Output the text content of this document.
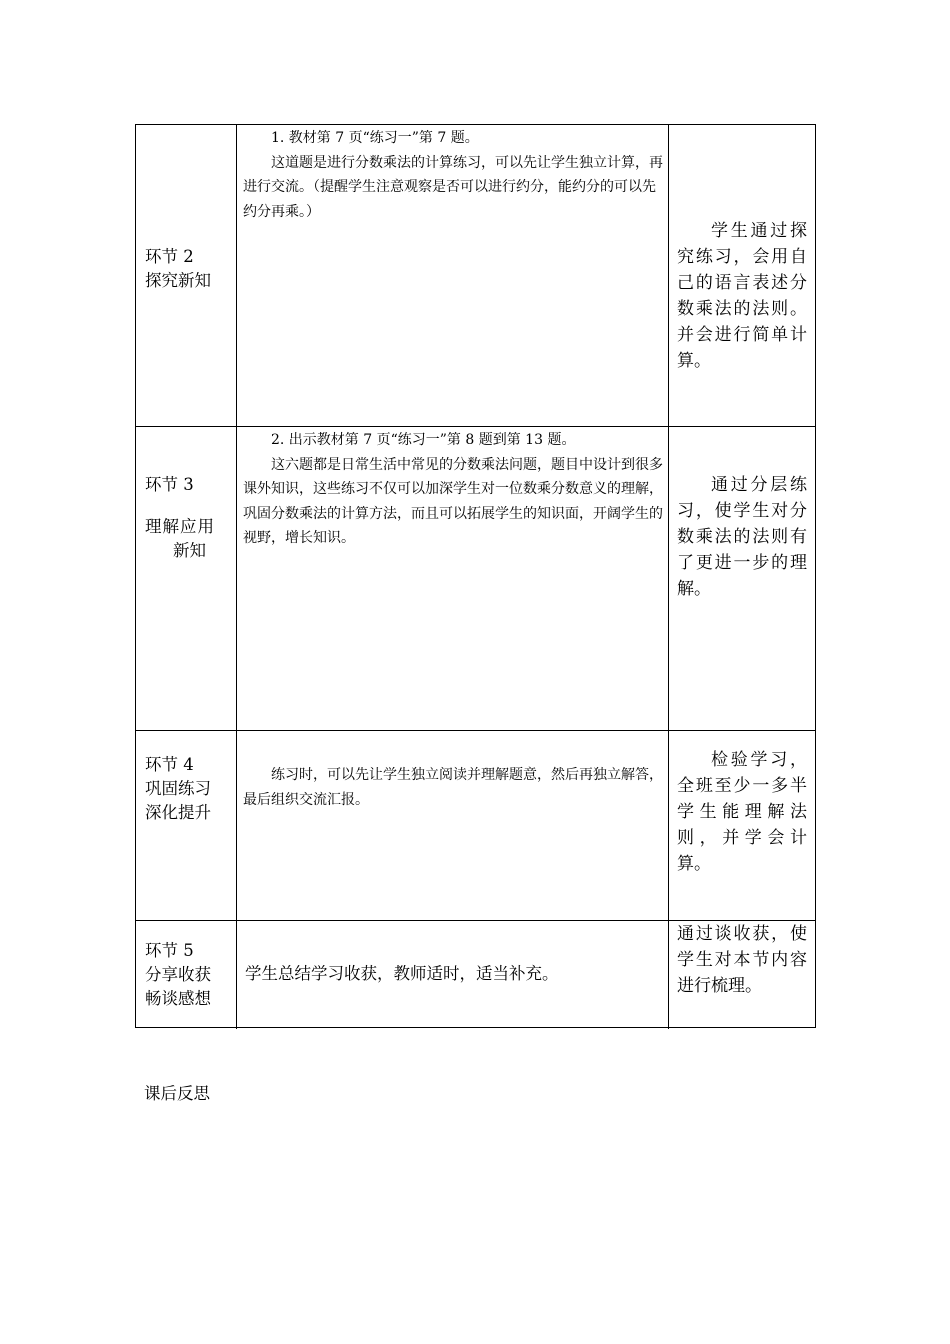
环节 2
探究新知

1. 教材第 7 页“练习一”第 7 题。

这道题是进行分数乘法的计算练习，可以先让学生独立计算，再进行交流。（提醒学生注意观察是否可以进行约分，能约分的可以先约分再乘。）

学生通过探究练习，会用自己的语言表述分数乘法的法则。并会进行简单计算。
环节 3
理解应用
新知

2. 出示教材第 7 页“练习一”第 8 题到第 13 题。

这六题都是日常生活中常见的分数乘法问题，题目中设计到很多课外知识，这些练习不仅可以加深学生对一位数乘分数意义的理解，巩固分数乘法的计算方法，而且可以拓展学生的知识面，开阔学生的视野，增长知识。

通过分层练习，使学生对分数乘法的法则有了更进一步的理解。
环节 4
巩固练习
深化提升

练习时，可以先让学生独立阅读并理解题意，然后再独立解答，最后组织交流汇报。

检验学习，全班至少一多半学生能理解法则，并学会计算。
环节 5
分享收获
畅谈感想

学生总结学习收获，教师适时，适当补充。

通过谈收获，使学生对本节内容进行梳理。
课后反思
